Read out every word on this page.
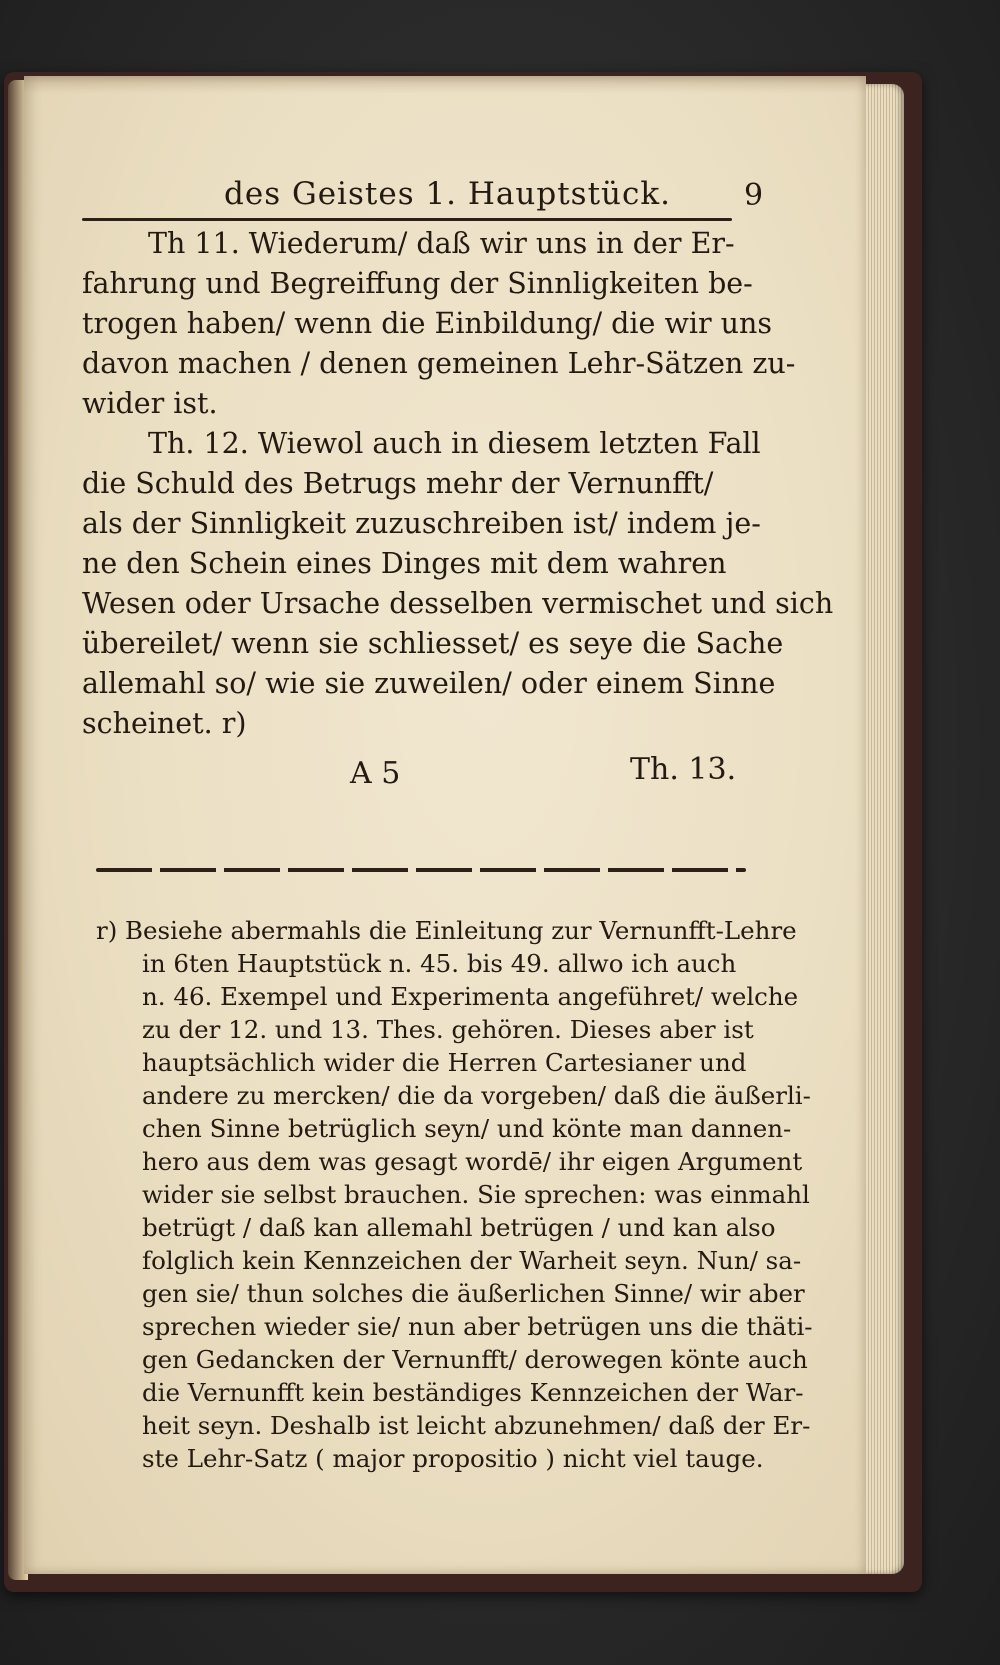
des Geistes 1. Hauptstück. 9
Th 11. Wiederum/ daß wir uns in der Er-
fahrung und Begreiffung der Sinnligkeiten be-
trogen haben/ wenn die Einbildung/ die wir uns
davon machen / denen gemeinen Lehr-Sätzen zu-
wider ist.
Th. 12. Wiewol auch in diesem letzten Fall
die Schuld des Betrugs mehr der Vernunfft/
als der Sinnligkeit zuzuschreiben ist/ indem je-
ne den Schein eines Dinges mit dem wahren
Wesen oder Ursache desselben vermischet und sich
übereilet/ wenn sie schliesset/ es seye die Sache
allemahl so/ wie sie zuweilen/ oder einem Sinne
scheinet. r)
A 5	Th. 13.
r) Besiehe abermahls die Einleitung zur Vernunfft-Lehre
in 6ten Hauptstück n. 45. bis 49. allwo ich auch
n. 46. Exempel und Experimenta angeführet/ welche
zu der 12. und 13. Thes. gehören. Dieses aber ist
hauptsächlich wider die Herren Cartesianer und
andere zu mercken/ die da vorgeben/ daß die äußerli-
chen Sinne betrüglich seyn/ und könte man dannen-
hero aus dem was gesagt wordē/ ihr eigen Argument
wider sie selbst brauchen. Sie sprechen: was einmahl
betrügt / daß kan allemahl betrügen / und kan also
folglich kein Kennzeichen der Warheit seyn. Nun/ sa-
gen sie/ thun solches die äußerlichen Sinne/ wir aber
sprechen wieder sie/ nun aber betrügen uns die thäti-
gen Gedancken der Vernunfft/ derowegen könte auch
die Vernunfft kein beständiges Kennzeichen der War-
heit seyn. Deshalb ist leicht abzunehmen/ daß der Er-
ste Lehr-Satz ( major propositio ) nicht viel tauge.
